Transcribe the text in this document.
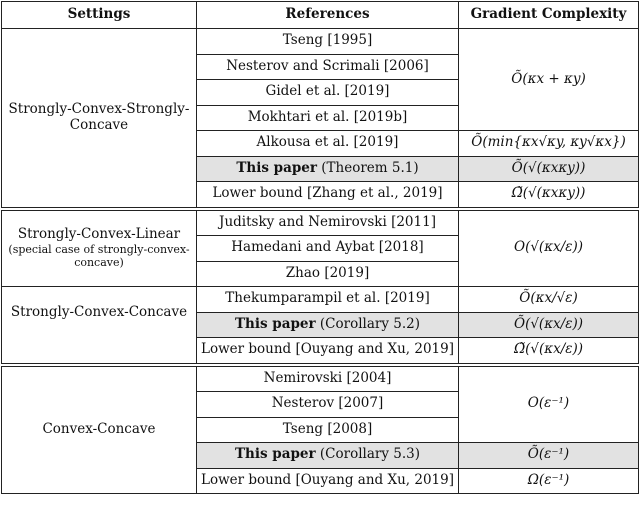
Settings	References	Gradient Complexity
Strongly-Convex-Strongly-Concave	Tseng [1995]	Õ(κx + κy)
	Nesterov and Scrimali [2006]	
	Gidel et al. [2019]	
	Mokhtari et al. [2019b]	
	Alkousa et al. [2019]	Õ(min{κx√κy, κy√κx})
	This paper (Theorem 5.1)	Õ(√(κxκy))
	Lower bound [Zhang et al., 2019]	Ω̃(√(κxκy))

Strongly-Convex-Linear
(special case of strongly-convex-concave)	Juditsky and Nemirovski [2011]	O(√(κx/ε))
	Hamedani and Aybat [2018]	
	Zhao [2019]	
Strongly-Convex-Concave	Thekumparampil et al. [2019]	Õ(κx/√ε)
	This paper (Corollary 5.2)	Õ(√(κx/ε))
	Lower bound [Ouyang and Xu, 2019]	Ω̃(√(κx/ε))

Convex-Concave	Nemirovski [2004]	O(ε⁻¹)
	Nesterov [2007]	
	Tseng [2008]	
	This paper (Corollary 5.3)	Õ(ε⁻¹)
	Lower bound [Ouyang and Xu, 2019]	Ω(ε⁻¹)
